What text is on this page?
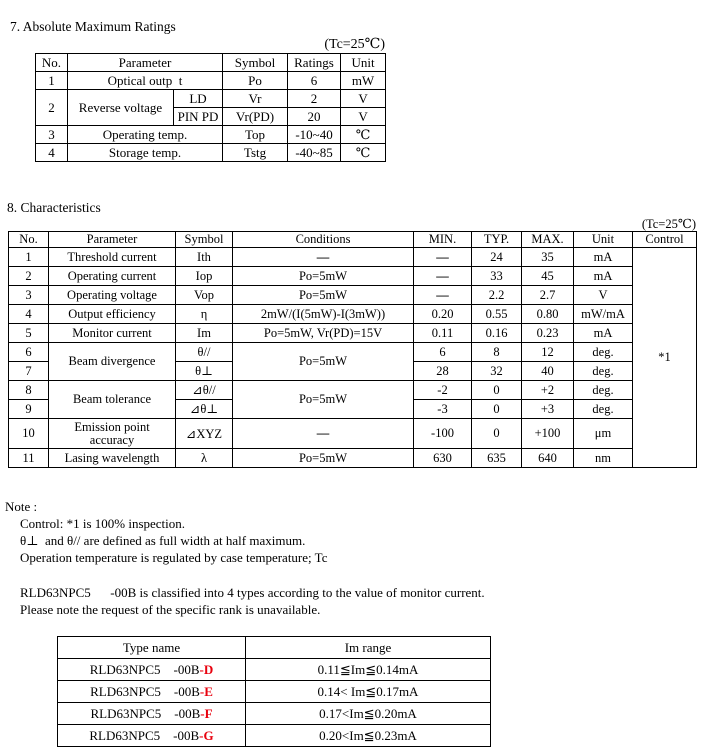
7. Absolute Maximum Ratings
(Tc=25℃)
No.	Parameter		Symbol	Ratings	Unit
1	Optical outp  t		Po	6	mW
2	Reverse voltage	LD	Vr	2	V
		PIN PD	Vr(PD)	20	V
3	Operating temp.		Top	-10~40	℃
4	Storage temp.		Tstg	-40~85	℃
8. Characteristics
(Tc=25℃)
No.	Parameter	Symbol	Conditions	MIN.	TYP.	MAX.	Unit	Control
1	Threshold current	Ith	—	—	24	35	mA	*1
2	Operating current	Iop	Po=5mW	—	33	45	mA	
3	Operating voltage	Vop	Po=5mW	—	2.2	2.7	V	
4	Output efficiency	η	2mW/(I(5mW)-I(3mW))	0.20	0.55	0.80	mW/mA	
5	Monitor current	Im	Po=5mW, Vr(PD)=15V	0.11	0.16	0.23	mA	
6	Beam divergence	θ//	Po=5mW	6	8	12	deg.	
7		θ⊥		28	32	40	deg.	
8	Beam tolerance	⊿θ//	Po=5mW	-2	0	+2	deg.	
9		⊿θ⊥		-3	0	+3	deg.	
10	Emission point accuracy	⊿XYZ	—	-100	0	+100	μm	
11	Lasing wavelength	λ	Po=5mW	630	635	640	nm	
Note :
Control: *1 is 100% inspection.
θ⊥  and θ// are defined as full width at half maximum.
Operation temperature is regulated by case temperature; Tc
RLD63NPC5      -00B is classified into 4 types according to the value of monitor current.
Please note the request of the specific rank is unavailable.
Type name	Im range
RLD63NPC5    -00B-D	0.11≦Im≦0.14mA
RLD63NPC5    -00B-E	0.14< Im≦0.17mA
RLD63NPC5    -00B-F	0.17<Im≦0.20mA
RLD63NPC5    -00B-G	0.20<Im≦0.23mA
